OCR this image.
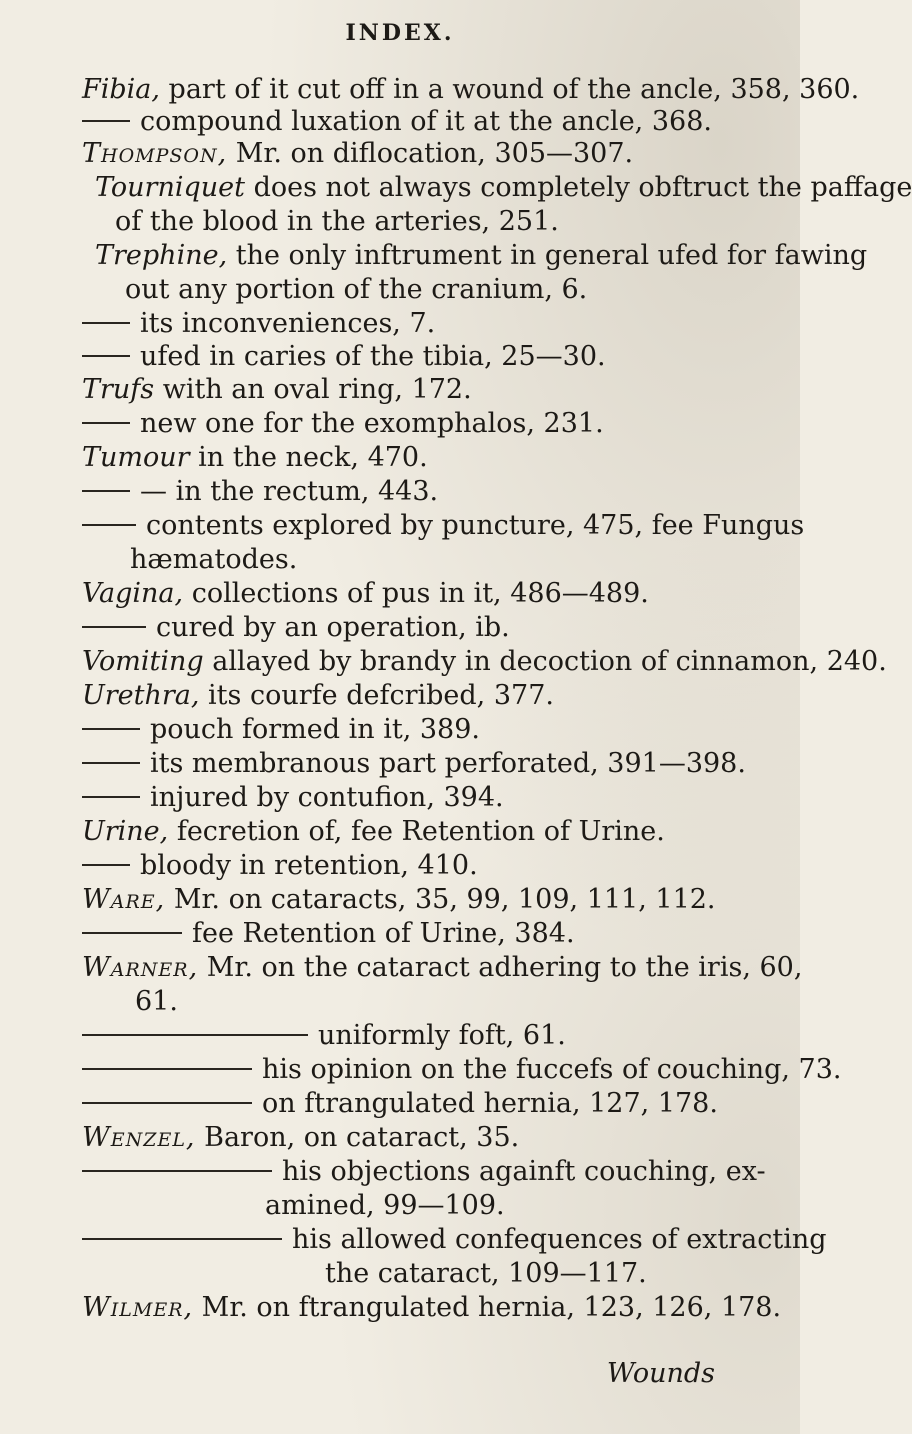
INDEX.
Fibia, part of it cut off in a wound of the ancle, 358, 360.
compound luxation of it at the ancle, 368.
Thompson, Mr. on diflocation, 305—307.
Tourniquet does not always completely obftruct the paffage
of the blood in the arteries, 251.
Trephine, the only inftrument in general ufed for fawing
out any portion of the cranium, 6.
its inconveniences, 7.
ufed in caries of the tibia, 25—30.
Trufs with an oval ring, 172.
new one for the exomphalos, 231.
Tumour in the neck, 470.
— in the rectum, 443.
contents explored by puncture, 475, fee Fungus
hæmatodes.
Vagina, collections of pus in it, 486—489.
cured by an operation, ib.
Vomiting allayed by brandy in decoction of cinnamon, 240.
Urethra, its courfe defcribed, 377.
pouch formed in it, 389.
its membranous part perforated, 391—398.
injured by contufion, 394.
Urine, fecretion of, fee Retention of Urine.
bloody in retention, 410.
Ware, Mr. on cataracts, 35, 99, 109, 111, 112.
fee Retention of Urine, 384.
Warner, Mr. on the cataract adhering to the iris, 60,
61.
uniformly foft, 61.
his opinion on the fuccefs of couching, 73.
on ftrangulated hernia, 127, 178.
Wenzel, Baron, on cataract, 35.
his objections againft couching, ex-
amined, 99—109.
his allowed confequences of extracting
the cataract, 109—117.
Wilmer, Mr. on ftrangulated hernia, 123, 126, 178.
Wounds
